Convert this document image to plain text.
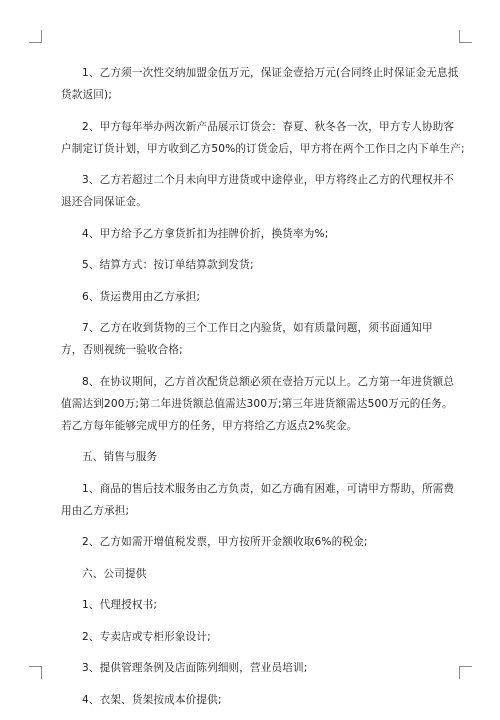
1、乙方须一次性交纳加盟金伍万元，保证金壹拾万元(合同终止时保证金无息抵
货款返回);

2、甲方每年举办两次新产品展示订货会：春夏、秋冬各一次，甲方专人协助客
户制定订货计划，甲方收到乙方50%的订货金后，甲方将在两个工作日之内下单生产;

3、乙方若超过二个月未向甲方进货或中途停业，甲方将终止乙方的代理权并不
退还合同保证金。

4、甲方给予乙方拿货折扣为挂牌价折，换货率为%;

5、结算方式：按订单结算款到发货;

6、货运费用由乙方承担;

7、乙方在收到货物的三个工作日之内验货，如有质量问题，须书面通知甲
方，否则视统一验收合格;

8、在协议期间，乙方首次配货总额必须在壹拾万元以上。乙方第一年进货额总
值需达到200万;第二年进货额总值需达300万;第三年进货额需达500万元的任务。
若乙方每年能够完成甲方的任务，甲方将给乙方返点2%奖金。

五、销售与服务

1、商品的售后技术服务由乙方负责，如乙方确有困难，可请甲方帮助，所需费
用由乙方承担;

2、乙方如需开增值税发票，甲方按所开金额收取6%的税金;

六、公司提供

1、代理授权书;

2、专卖店或专柜形象设计;

3、提供管理条例及店面陈列细则，营业员培训;

4、衣架、货架按成本价提供;
